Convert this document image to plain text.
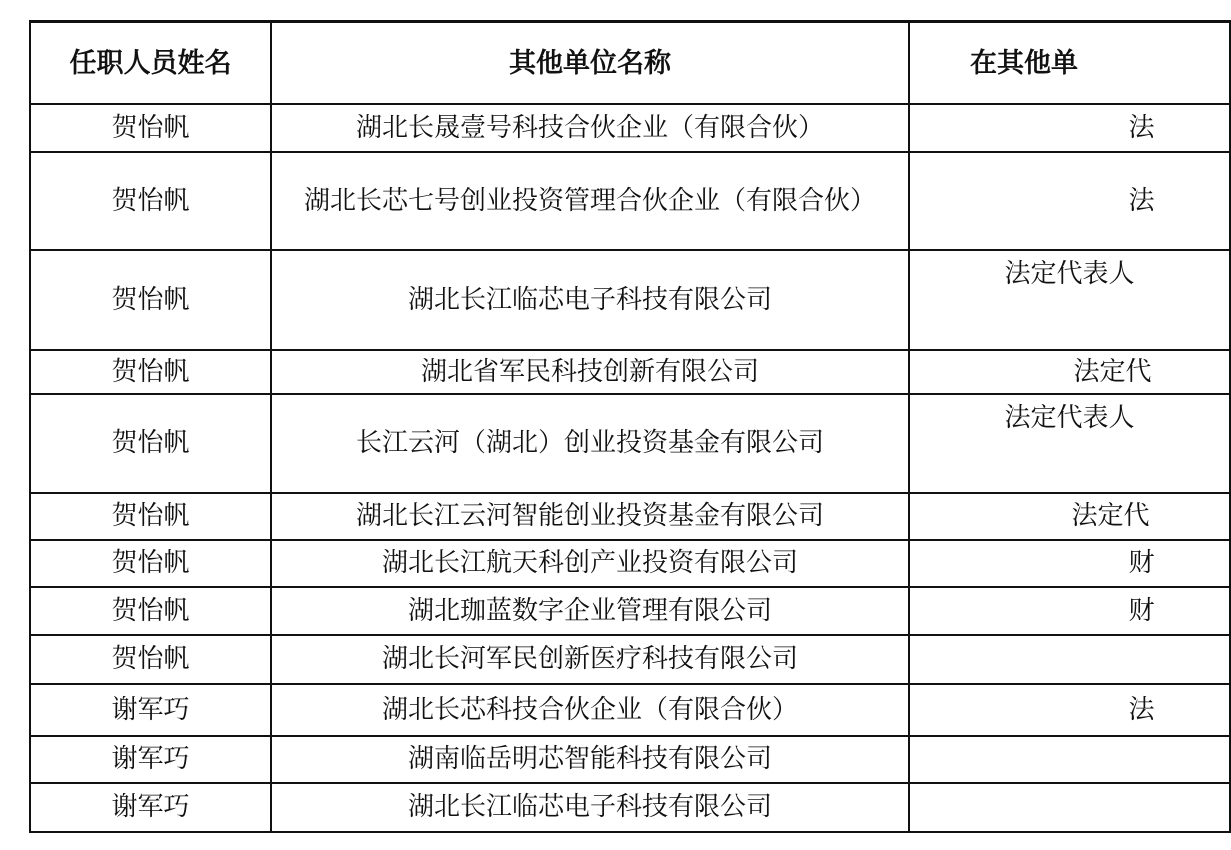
任职人员姓名	其他单位名称	在其他单
贺怡帆	湖北长晟壹号科技合伙企业（有限合伙）	法
贺怡帆	湖北长芯七号创业投资管理合伙企业（有限合伙）	法
贺怡帆	湖北长江临芯电子科技有限公司	法定代表人
贺怡帆	湖北省军民科技创新有限公司	法定代
贺怡帆	长江云河（湖北）创业投资基金有限公司	法定代表人
贺怡帆	湖北长江云河智能创业投资基金有限公司	法定代
贺怡帆	湖北长江航天科创产业投资有限公司	财
贺怡帆	湖北珈蓝数字企业管理有限公司	财
贺怡帆	湖北长河军民创新医疗科技有限公司	
谢军巧	湖北长芯科技合伙企业（有限合伙）	法
谢军巧	湖南临岳明芯智能科技有限公司	
谢军巧	湖北长江临芯电子科技有限公司	
